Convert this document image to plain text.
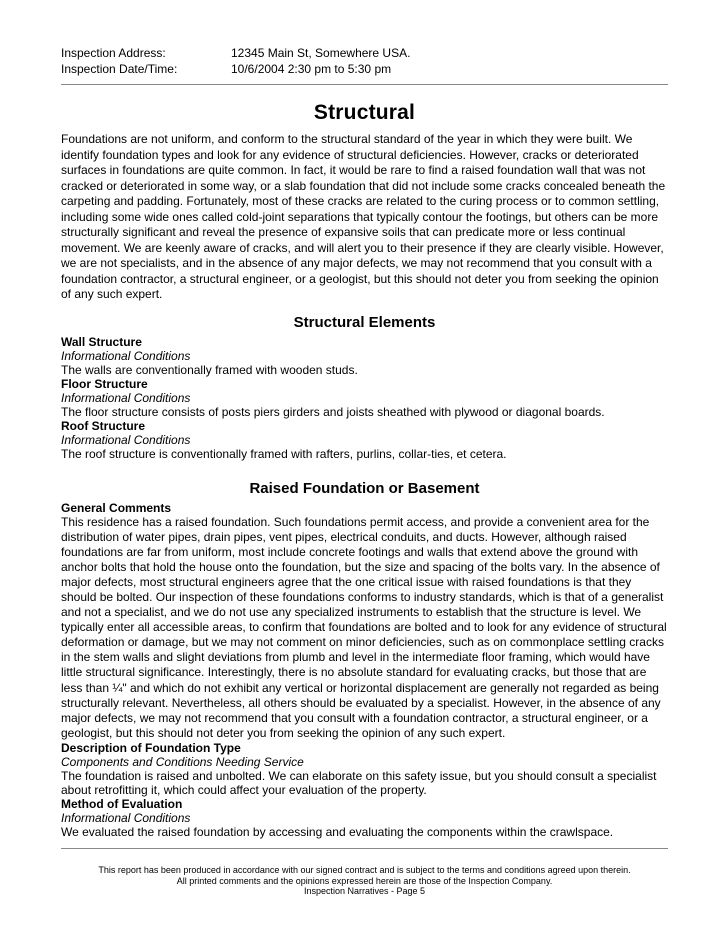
Inspection Address:	12345 Main St, Somewhere USA.
Inspection Date/Time:	10/6/2004 2:30 pm to 5:30 pm
Structural

Foundations are not uniform, and conform to the structural standard of the year in which they were built. We identify foundation types and look for any evidence of structural deficiencies. However, cracks or deteriorated surfaces in foundations are quite common. In fact, it would be rare to find a raised foundation wall that was not cracked or deteriorated in some way, or a slab foundation that did not include some cracks concealed beneath the carpeting and padding. Fortunately, most of these cracks are related to the curing process or to common settling, including some wide ones called cold-joint separations that typically contour the footings, but others can be more structurally significant and reveal the presence of expansive soils that can predicate more or less continual movement. We are keenly aware of cracks, and will alert you to their presence if they are clearly visible. However, we are not specialists, and in the absence of any major defects, we may not recommend that you consult with a foundation contractor, a structural engineer, or a geologist, but this should not deter you from seeking the opinion of any such expert.

Structural Elements

Wall Structure

Informational Conditions

The walls are conventionally framed with wooden studs.

Floor Structure

Informational Conditions

The floor structure consists of posts piers girders and joists sheathed with plywood or diagonal boards.

Roof Structure

Informational Conditions

The roof structure is conventionally framed with rafters, purlins, collar-ties, et cetera.

Raised Foundation or Basement

General Comments

This residence has a raised foundation. Such foundations permit access, and provide a convenient area for the distribution of water pipes, drain pipes, vent pipes, electrical conduits, and ducts. However, although raised foundations are far from uniform, most include concrete footings and walls that extend above the ground with anchor bolts that hold the house onto the foundation, but the size and spacing of the bolts vary. In the absence of major defects, most structural engineers agree that the one critical issue with raised foundations is that they should be bolted. Our inspection of these foundations conforms to industry standards, which is that of a generalist and not a specialist, and we do not use any specialized instruments to establish that the structure is level. We typically enter all accessible areas, to confirm that foundations are bolted and to look for any evidence of structural deformation or damage, but we may not comment on minor deficiencies, such as on commonplace settling cracks in the stem walls and slight deviations from plumb and level in the intermediate floor framing, which would have little structural significance. Interestingly, there is no absolute standard for evaluating cracks, but those that are less than ¼" and which do not exhibit any vertical or horizontal displacement are generally not regarded as being structurally relevant. Nevertheless, all others should be evaluated by a specialist. However, in the absence of any major defects, we may not recommend that you consult with a foundation contractor, a structural engineer, or a geologist, but this should not deter you from seeking the opinion of any such expert.

Description of Foundation Type

Components and Conditions Needing Service

The foundation is raised and unbolted. We can elaborate on this safety issue, but you should consult a specialist about retrofitting it, which could affect your evaluation of the property.

Method of Evaluation

Informational Conditions

We evaluated the raised foundation by accessing and evaluating the components within the crawlspace.

This report has been produced in accordance with our signed contract and is subject to the terms and conditions agreed upon therein.
All printed comments and the opinions expressed herein are those of the Inspection Company.
Inspection Narratives - Page 5
